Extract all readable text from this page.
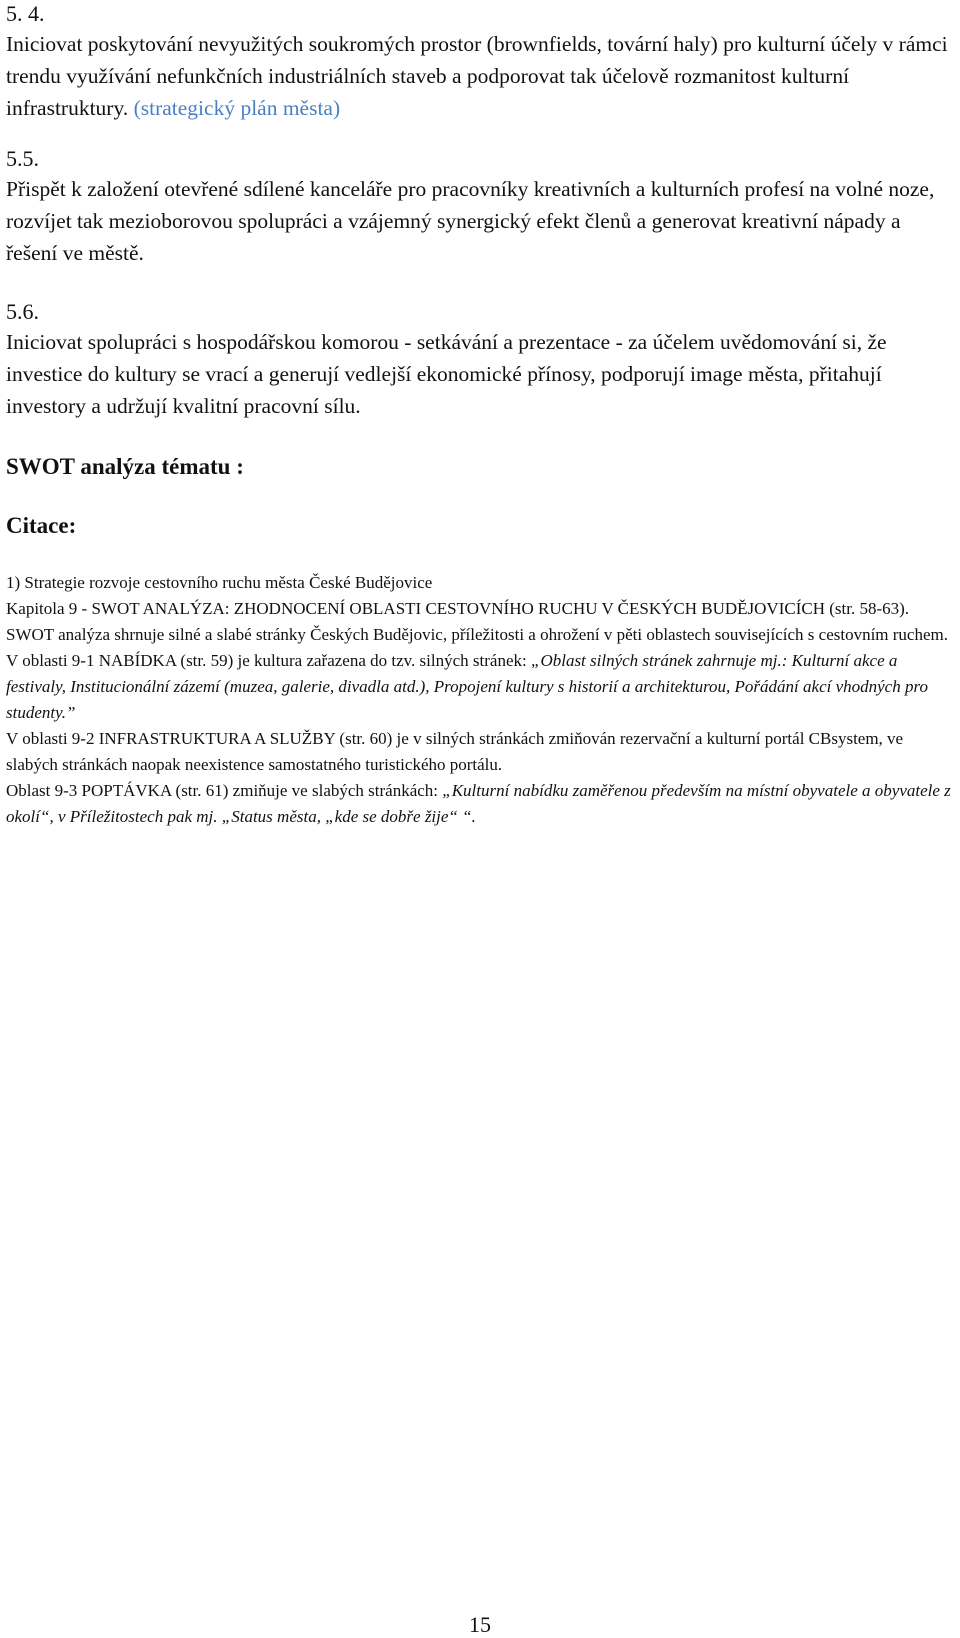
5. 4.
Iniciovat poskytování nevyužitých soukromých prostor (brownfields, tovární haly) pro kulturní účely v rámci trendu využívání nefunkčních industriálních staveb a podporovat tak účelově rozmanitost kulturní infrastruktury. (strategický plán města)
5.5.
Přispět k založení otevřené sdílené kanceláře pro pracovníky kreativních a kulturních profesí na volné noze, rozvíjet tak mezioborovou spolupráci a vzájemný synergický efekt členů a generovat kreativní nápady a řešení ve městě.
5.6.
Iniciovat spolupráci s hospodářskou komorou - setkávání a prezentace - za účelem uvědomování si, že investice do kultury se vrací a generují vedlejší ekonomické přínosy, podporují image města, přitahují investory a udržují kvalitní pracovní sílu.
SWOT analýza tématu :
Citace:

1) Strategie rozvoje cestovního ruchu města České Budějovice

Kapitola 9 - SWOT ANALÝZA: ZHODNOCENÍ OBLASTI CESTOVNÍHO RUCHU V ČESKÝCH BUDĚJOVICÍCH (str. 58-63). SWOT analýza shrnuje silné a slabé stránky Českých Budějovic, příležitosti a ohrožení v pěti oblastech souvisejících s cestovním ruchem.

V oblasti 9-1 NABÍDKA (str. 59) je kultura zařazena do tzv. silných stránek: „Oblast silných stránek zahrnuje mj.: Kulturní akce a festivaly, Institucionální zázemí (muzea, galerie, divadla atd.), Propojení kultury s historií a architekturou, Pořádání akcí vhodných pro studenty.”

V oblasti 9-2 INFRASTRUKTURA A SLUŽBY (str. 60) je v silných stránkách zmiňován rezervační a kulturní portál CBsystem, ve slabých stránkách naopak neexistence samostatného turistického portálu.

Oblast 9-3 POPTÁVKA (str. 61) zmiňuje ve slabých stránkách: „Kulturní nabídku zaměřenou především na místní obyvatele a obyvatele z okolí“, v Příležitostech pak mj. „Status města, „kde se dobře žije“ “.

15
